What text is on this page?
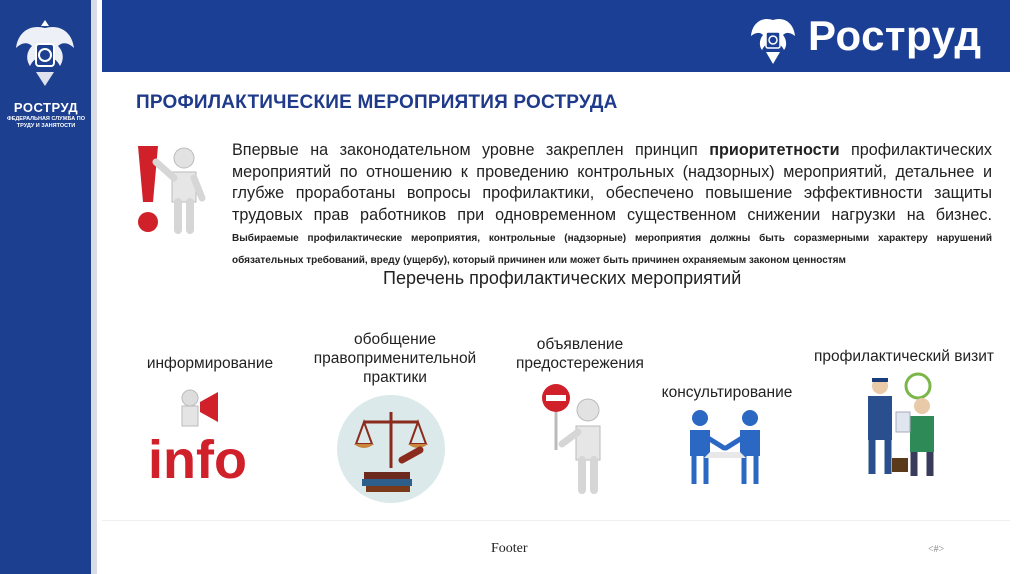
РОСТРУД
ФЕДЕРАЛЬНАЯ СЛУЖБА ПО ТРУДУ И ЗАНЯТОСТИ
Роструд
ПРОФИЛАКТИЧЕСКИЕ МЕРОПРИЯТИЯ РОСТРУДА
Впервые на законодательном уровне закреплен принцип приоритетности профилактических мероприятий по отношению к проведению контрольных (надзорных) мероприятий, детальнее и глубже проработаны вопросы профилактики, обеспечено повышение эффективности защиты трудовых прав работников при одновременном существенном снижении нагрузки на бизнес. Выбираемые профилактические мероприятия, контрольные (надзорные) мероприятия должны быть соразмерными характеру нарушений обязательных требований, вреду (ущербу), который причинен или может быть причинен охраняемым законом ценностям
Перечень профилактических мероприятий
информирование
обобщение
правоприменительной
практики
объявление
предостережения
консультирование
профилактический визит
info
Footer	<#>
